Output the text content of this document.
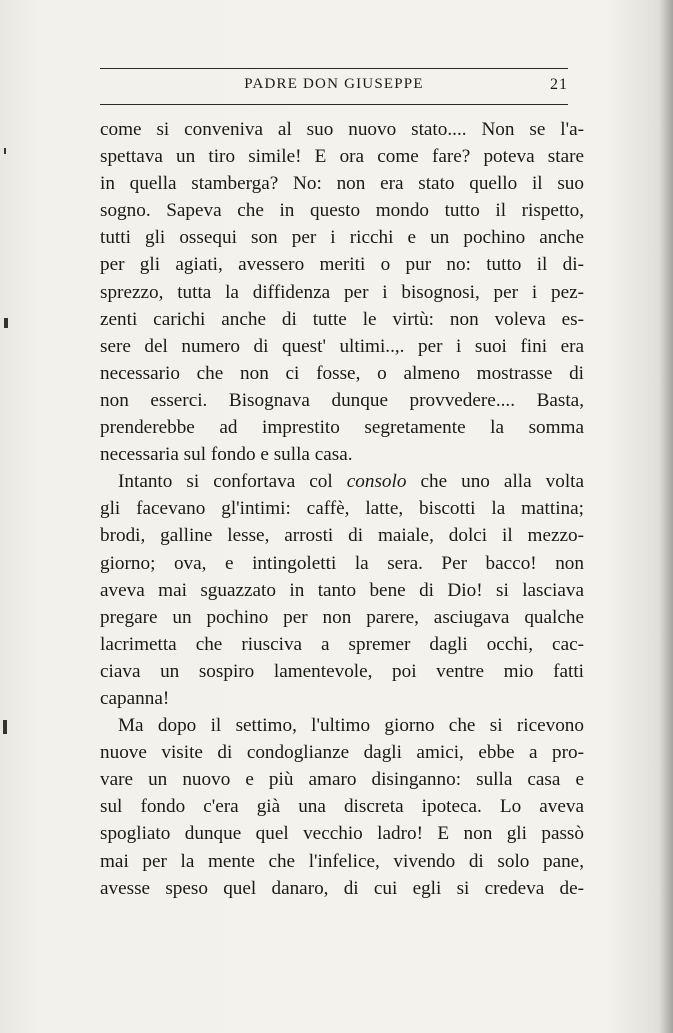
PADRE DON GIUSEPPE	21
come si conveniva al suo nuovo stato.... Non se l'a-
spettava un tiro simile! E ora come fare? poteva stare
in quella stamberga? No: non era stato quello il suo
sogno. Sapeva che in questo mondo tutto il rispetto,
tutti gli ossequi son per i ricchi e un pochino anche
per gli agiati, avessero meriti o pur no: tutto il di-
sprezzo, tutta la diffidenza per i bisognosi, per i pez-
zenti carichi anche di tutte le virtù: non voleva es-
sere del numero di quest' ultimi..,. per i suoi fini era
necessario che non ci fosse, o almeno mostrasse di
non esserci. Bisognava dunque provvedere.... Basta,
prenderebbe ad imprestito segretamente la somma
necessaria sul fondo e sulla casa.
Intanto si confortava col consolo che uno alla volta
gli facevano gl'intimi: caffè, latte, biscotti la mattina;
brodi, galline lesse, arrosti di maiale, dolci il mezzo-
giorno; ova, e intingoletti la sera. Per bacco! non
aveva mai sguazzato in tanto bene di Dio! si lasciava
pregare un pochino per non parere, asciugava qualche
lacrimetta che riusciva a spremer dagli occhi, cac-
ciava un sospiro lamentevole, poi ventre mio fatti
capanna!
Ma dopo il settimo, l'ultimo giorno che si ricevono
nuove visite di condoglianze dagli amici, ebbe a pro-
vare un nuovo e più amaro disinganno: sulla casa e
sul fondo c'era già una discreta ipoteca. Lo aveva
spogliato dunque quel vecchio ladro! E non gli passò
mai per la mente che l'infelice, vivendo di solo pane,
avesse speso quel danaro, di cui egli si credeva de-
